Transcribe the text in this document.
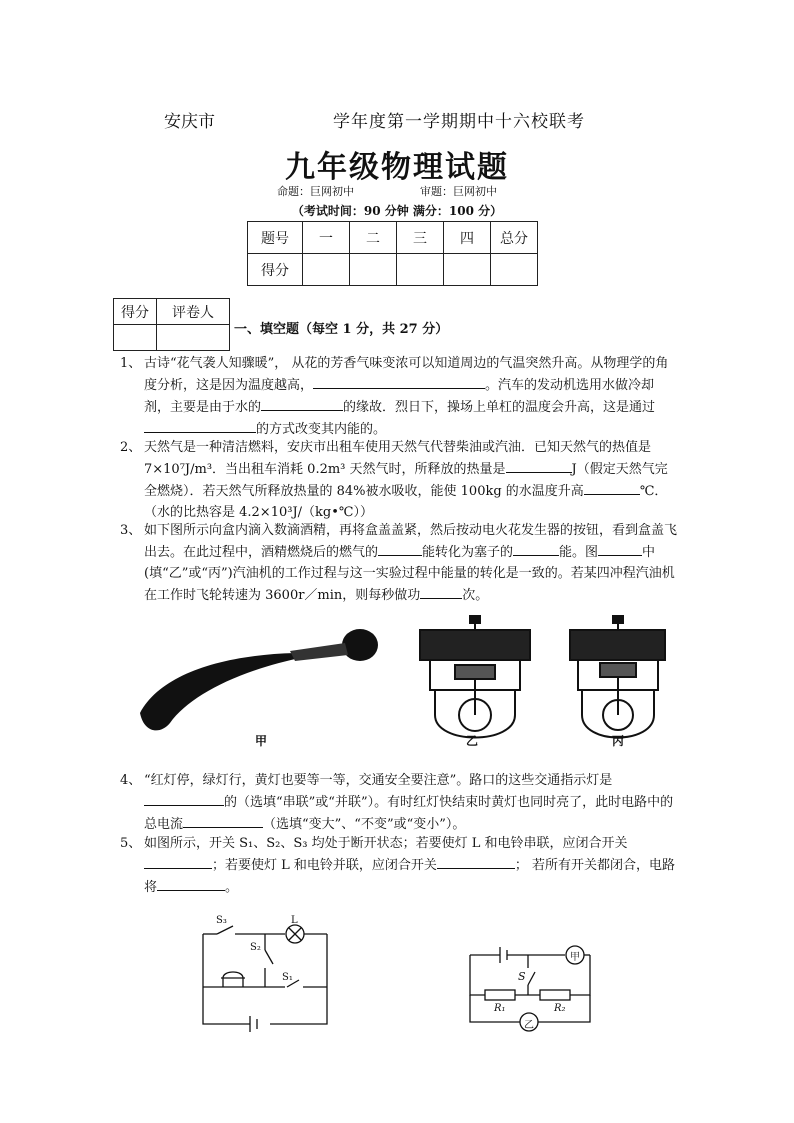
安庆市	学年度第一学期期中十六校联考
九年级物理试题
命题：巨网初中	审题：巨网初中
（考试时间：90 分钟 满分：100 分）
题号	一	二	三	四	总分
得分					
得分	评卷人

一、填空题（每空 1 分，共 27 分）
1、 古诗“花气袭人知骤暖”， 从花的芳香气味变浓可以知道周边的气温突然升高。从物理学的角度分析，这是因为温度越高，	。汽车的发动机选用水做冷却剂，主要是由于水的	的缘故．烈日下，操场上单杠的温度会升高，这是通过的方式改变其内能的。
2、 天然气是一种清洁燃料，安庆市出租车使用天然气代替柴油或汽油．已知天然气的热值是 7×10⁷J/m³．当出租车消耗 0.2m³ 天然气时，所释放的热量是	J（假定天然气完全燃烧）．若天然气所释放热量的 84%被水吸收，能使 100kg 的水温度升高	℃．（水的比热容是 4.2×10³J/（kg•℃））
3、 如下图所示向盒内滴入数滴酒精，再将盒盖盖紧，然后按动电火花发生器的按钮，看到盒盖飞出去。在此过程中，酒精燃烧后的燃气的	能转化为塞子的	能。图	中(填“乙”或“丙”)汽油机的工作过程与这一实验过程中能量的转化是一致的。若某四冲程汽油机在工作时飞轮转速为 3600r／min，则每秒做功	次。
甲	乙	丙
4、 “红灯停，绿灯行，黄灯也要等一等，交通安全要注意”。路口的这些交通指示灯是的（选填“串联”或“并联”）。有时红灯快结束时黄灯也同时亮了，此时电路中的总电流	（选填“变大”、“不变”或“变小”）。
5、 如图所示，开关 S₁、S₂、S₃ 均处于断开状态；若要使灯 L 和电铃串联，应闭合开关；若要使灯 L 和电铃并联，应闭合开关	； 若所有开关都闭合，电路将	。
S₃	L
S₂
S₁	S
R₁	R₂
甲
乙
